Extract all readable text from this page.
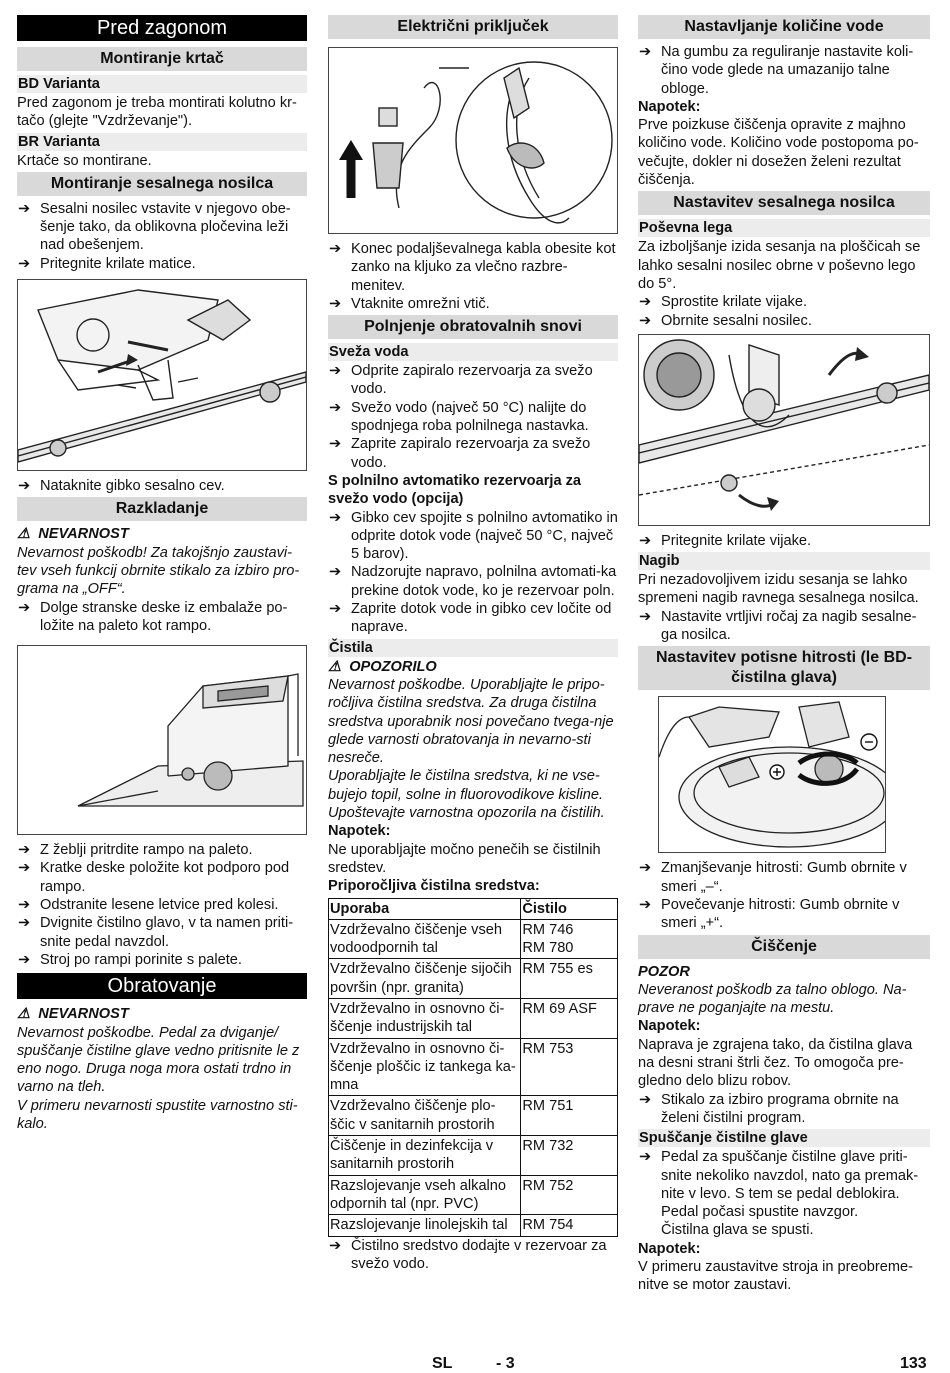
Pred zagonom
Montiranje krtač
BD Varianta

Pred zagonom je treba montirati kolutno kr-tačo (glejte "Vzdrževanje").

BR Varianta

Krtače so montirane.

Montiranje sesalnega nosilca

➔ Sesalni nosilec vstavite v njegovo obe-šenje tako, da oblikovna pločevina leži nad obešenjem.

➔ Pritegnite krilate matice.

➔ Nataknite gibko sesalno cev.

Razkladanje

⚠ NEVARNOST

Nevarnost poškodb! Za takojšnjo zaustavi-tev vseh funkcij obrnite stikalo za izbiro pro-grama na „OFF“.

➔ Dolge stranske deske iz embalaže po-ložite na paleto kot rampo.

➔ Z žeblji pritrdite rampo na paleto.

➔ Kratke deske položite kot podporo pod rampo.

➔ Odstranite lesene letvice pred kolesi.

➔ Dvignite čistilno glavo, v ta namen priti-snite pedal navzdol.

➔ Stroj po rampi porinite s palete.

Obratovanje

⚠ NEVARNOST

Nevarnost poškodbe. Pedal za dviganje/ spuščanje čistilne glave vedno pritisnite le z eno nogo. Druga noga mora ostati trdno in varno na tleh.

V primeru nevarnosti spustite varnostno sti-kalo.

Električni priključek

➔ Konec podaljševalnega kabla obesite kot zanko na kljuko za vlečno razbre-menitev.

➔ Vtaknite omrežni vtič.

Polnjenje obratovalnih snovi
Sveža voda

➔ Odprite zapiralo rezervoarja za svežo vodo.

➔ Svežo vodo (največ 50 °C) nalijte do spodnjega roba polnilnega nastavka.

➔ Zaprite zapiralo rezervoarja za svežo vodo.

S polnilno avtomatiko rezervoarja za svežo vodo (opcija)

➔ Gibko cev spojite s polnilno avtomatiko in odprite dotok vode (največ 50 °C, največ 5 barov).

➔ Nadzorujte napravo, polnilna avtomati-ka prekine dotok vode, ko je rezervoar poln.

➔ Zaprite dotok vode in gibko cev ločite od naprave.

Čistila

⚠ OPOZORILO

Nevarnost poškodbe. Uporabljajte le pripo-ročljiva čistilna sredstva. Za druga čistilna sredstva uporabnik nosi povečano tvega-nje glede varnosti obratovanja in nevarno-sti nesreče.

Uporabljajte le čistilna sredstva, ki ne vse-bujejo topil, solne in fluorovodikove kisline. Upoštevajte varnostna opozorila na čistilih.

Napotek:

Ne uporabljajte močno penečih se čistilnih sredstev.

Priporočljiva čistilna sredstva:

Uporaba	Čistilo
Vzdrževalno čiščenje vseh vodoodpornih tal	RM 746
RM 780
Vzdrževalno čiščenje sijočih površin (npr. granita)	RM 755 es
Vzdrževalno in osnovno či-ščenje industrijskih tal	RM 69 ASF
Vzdrževalno in osnovno či-ščenje ploščic iz tankega ka-mna	RM 753
Vzdrževalno čiščenje plo-ščic v sanitarnih prostorih	RM 751
Čiščenje in dezinfekcija v sanitarnih prostorih	RM 732
Razslojevanje vseh alkalno odpornih tal (npr. PVC)	RM 752
Razslojevanje linolejskih tal	RM 754

➔ Čistilno sredstvo dodajte v rezervoar za svežo vodo.

Nastavljanje količine vode

➔ Na gumbu za reguliranje nastavite koli-čino vode glede na umazanijo talne obloge.

Napotek:

Prve poizkuse čiščenja opravite z majhno količino vode. Količino vode postopoma po-večujte, dokler ni dosežen želeni rezultat čiščenja.

Nastavitev sesalnega nosilca
Poševna lega

Za izboljšanje izida sesanja na ploščicah se lahko sesalni nosilec obrne v poševno lego do 5°.

➔ Sprostite krilate vijake.

➔ Obrnite sesalni nosilec.

➔ Pritegnite krilate vijake.

Nagib

Pri nezadovoljivem izidu sesanja se lahko spremeni nagib ravnega sesalnega nosilca.

➔ Nastavite vrtljivi ročaj za nagib sesalne-ga nosilca.

Nastavitev potisne hitrosti (le BD-čistilna glava)

➔ Zmanjševanje hitrosti: Gumb obrnite v smeri „–“.

➔ Povečevanje hitrosti: Gumb obrnite v smeri „+“.

Čiščenje

POZOR

Neveranost poškodb za talno oblogo. Na-prave ne poganjajte na mestu.

Napotek:

Naprava je zgrajena tako, da čistilna glava na desni strani štrli čez. To omogoča pre-gledno delo blizu robov.

➔ Stikalo za izbiro programa obrnite na želeni čistilni program.

Spuščanje čistilne glave

➔ Pedal za spuščanje čistilne glave priti-snite nekoliko navzdol, nato ga premak-nite v levo. S tem se pedal deblokira. Pedal počasi spustite navzgor.

Čistilna glava se spusti.

Napotek:

V primeru zaustavitve stroja in preobreme-nitve se motor zaustavi.

SL	- 3	133
